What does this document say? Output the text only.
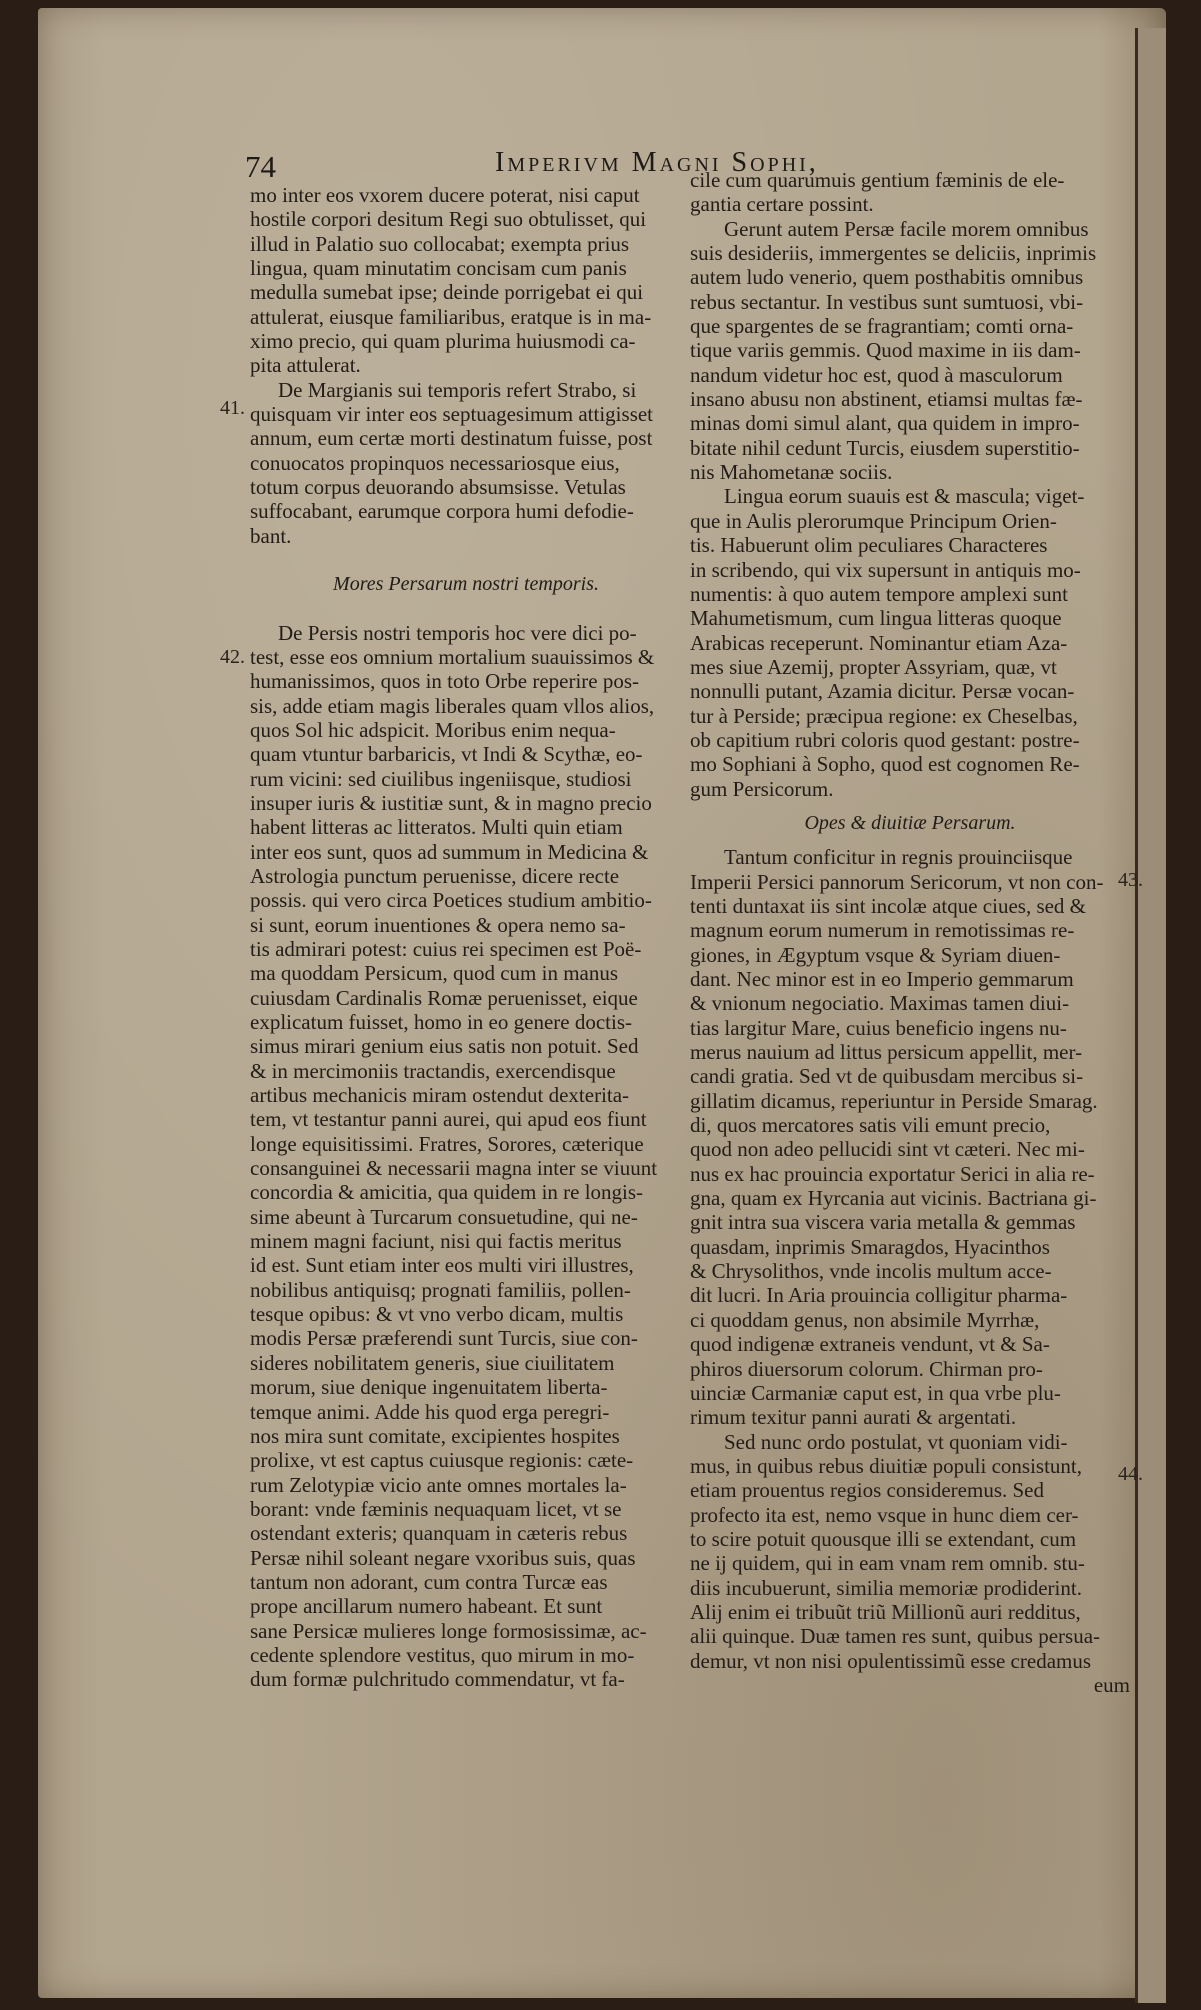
74	Imperivm Magni Sophi,
41.
42.
43.
44.

mo inter eos vxorem ducere poterat, nisi caput
hostile corpori desitum Regi suo obtulisset, qui
illud in Palatio suo collocabat; exempta prius
lingua, quam minutatim concisam cum panis
medulla sumebat ipse; deinde porrigebat ei qui
attulerat, eiusque familiaribus, eratque is in ma-
ximo precio, qui quam plurima huiusmodi ca-
pita attulerat.

De Margianis sui temporis refert Strabo, si
quisquam vir inter eos septuagesimum attigisset
annum, eum certæ morti destinatum fuisse, post
conuocatos propinquos necessariosque eius,
totum corpus deuorando absumsisse. Vetulas
suffocabant, earumque corpora humi defodie-
bant.

Mores Persarum nostri temporis.

De Persis nostri temporis hoc vere dici po-
test, esse eos omnium mortalium suauissimos &
humanissimos, quos in toto Orbe reperire pos-
sis, adde etiam magis liberales quam vllos alios,
quos Sol hic adspicit. Moribus enim nequa-
quam vtuntur barbaricis, vt Indi & Scythæ, eo-
rum vicini: sed ciuilibus ingeniisque, studiosi
insuper iuris & iustitiæ sunt, & in magno precio
habent litteras ac litteratos. Multi quin etiam
inter eos sunt, quos ad summum in Medicina &
Astrologia punctum peruenisse, dicere recte
possis. qui vero circa Poetices studium ambitio-
si sunt, eorum inuentiones & opera nemo sa-
tis admirari potest: cuius rei specimen est Poë-
ma quoddam Persicum, quod cum in manus
cuiusdam Cardinalis Romæ peruenisset, eique
explicatum fuisset, homo in eo genere doctis-
simus mirari genium eius satis non potuit. Sed
& in mercimoniis tractandis, exercendisque
artibus mechanicis miram ostendut dexterita-
tem, vt testantur panni aurei, qui apud eos fiunt
longe equisitissimi. Fratres, Sorores, cæterique
consanguinei & necessarii magna inter se viuunt
concordia & amicitia, qua quidem in re longis-
sime abeunt à Turcarum consuetudine, qui ne-
minem magni faciunt, nisi qui factis meritus
id est. Sunt etiam inter eos multi viri illustres,
nobilibus antiquisq; prognati familiis, pollen-
tesque opibus: & vt vno verbo dicam, multis
modis Persæ præferendi sunt Turcis, siue con-
sideres nobilitatem generis, siue ciuilitatem
morum, siue denique ingenuitatem liberta-
temque animi. Adde his quod erga peregri-
nos mira sunt comitate, excipientes hospites
prolixe, vt est captus cuiusque regionis: cæte-
rum Zelotypiæ vicio ante omnes mortales la-
borant: vnde fæminis nequaquam licet, vt se
ostendant exteris; quanquam in cæteris rebus
Persæ nihil soleant negare vxoribus suis, quas
tantum non adorant, cum contra Turcæ eas
prope ancillarum numero habeant. Et sunt
sane Persicæ mulieres longe formosissimæ, ac-
cedente splendore vestitus, quo mirum in mo-
dum formæ pulchritudo commendatur, vt fa-

cile cum quarumuis gentium fæminis de ele-
gantia certare possint.

Gerunt autem Persæ facile morem omnibus
suis desideriis, immergentes se deliciis, inprimis
autem ludo venerio, quem posthabitis omnibus
rebus sectantur. In vestibus sunt sumtuosi, vbi-
que spargentes de se fragrantiam; comti orna-
tique variis gemmis. Quod maxime in iis dam-
nandum videtur hoc est, quod à masculorum
insano abusu non abstinent, etiamsi multas fæ-
minas domi simul alant, qua quidem in impro-
bitate nihil cedunt Turcis, eiusdem superstitio-
nis Mahometanæ sociis.

Lingua eorum suauis est & mascula; viget-
que in Aulis plerorumque Principum Orien-
tis. Habuerunt olim peculiares Characteres
in scribendo, qui vix supersunt in antiquis mo-
numentis: à quo autem tempore amplexi sunt
Mahumetismum, cum lingua litteras quoque
Arabicas receperunt. Nominantur etiam Aza-
mes siue Azemij, propter Assyriam, quæ, vt
nonnulli putant, Azamia dicitur. Persæ vocan-
tur à Perside; præcipua regione: ex Cheselbas,
ob capitium rubri coloris quod gestant: postre-
mo Sophiani à Sopho, quod est cognomen Re-
gum Persicorum.

Opes & diuitiæ Persarum.

Tantum conficitur in regnis prouinciisque
Imperii Persici pannorum Sericorum, vt non con-
tenti duntaxat iis sint incolæ atque ciues, sed &
magnum eorum numerum in remotissimas re-
giones, in Ægyptum vsque & Syriam diuen-
dant. Nec minor est in eo Imperio gemmarum
& vnionum negociatio. Maximas tamen diui-
tias largitur Mare, cuius beneficio ingens nu-
merus nauium ad littus persicum appellit, mer-
candi gratia. Sed vt de quibusdam mercibus si-
gillatim dicamus, reperiuntur in Perside Smarag.
di, quos mercatores satis vili emunt precio,
quod non adeo pellucidi sint vt cæteri. Nec mi-
nus ex hac prouincia exportatur Serici in alia re-
gna, quam ex Hyrcania aut vicinis. Bactriana gi-
gnit intra sua viscera varia metalla & gemmas
quasdam, inprimis Smaragdos, Hyacinthos
& Chrysolithos, vnde incolis multum acce-
dit lucri. In Aria prouincia colligitur pharma-
ci quoddam genus, non absimile Myrrhæ,
quod indigenæ extraneis vendunt, vt & Sa-
phiros diuersorum colorum. Chirman pro-
uinciæ Carmaniæ caput est, in qua vrbe plu-
rimum texitur panni aurati & argentati.

Sed nunc ordo postulat, vt quoniam vidi-
mus, in quibus rebus diuitiæ populi consistunt,
etiam prouentus regios consideremus. Sed
profecto ita est, nemo vsque in hunc diem cer-
to scire potuit quousque illi se extendant, cum
ne ij quidem, qui in eam vnam rem omnib. stu-
diis incubuerunt, similia memoriæ prodiderint.
Alij enim ei tribuũt triũ Millionũ auri redditus,
alii quinque. Duæ tamen res sunt, quibus persua-
demur, vt non nisi opulentissimũ esse credamus

eum
